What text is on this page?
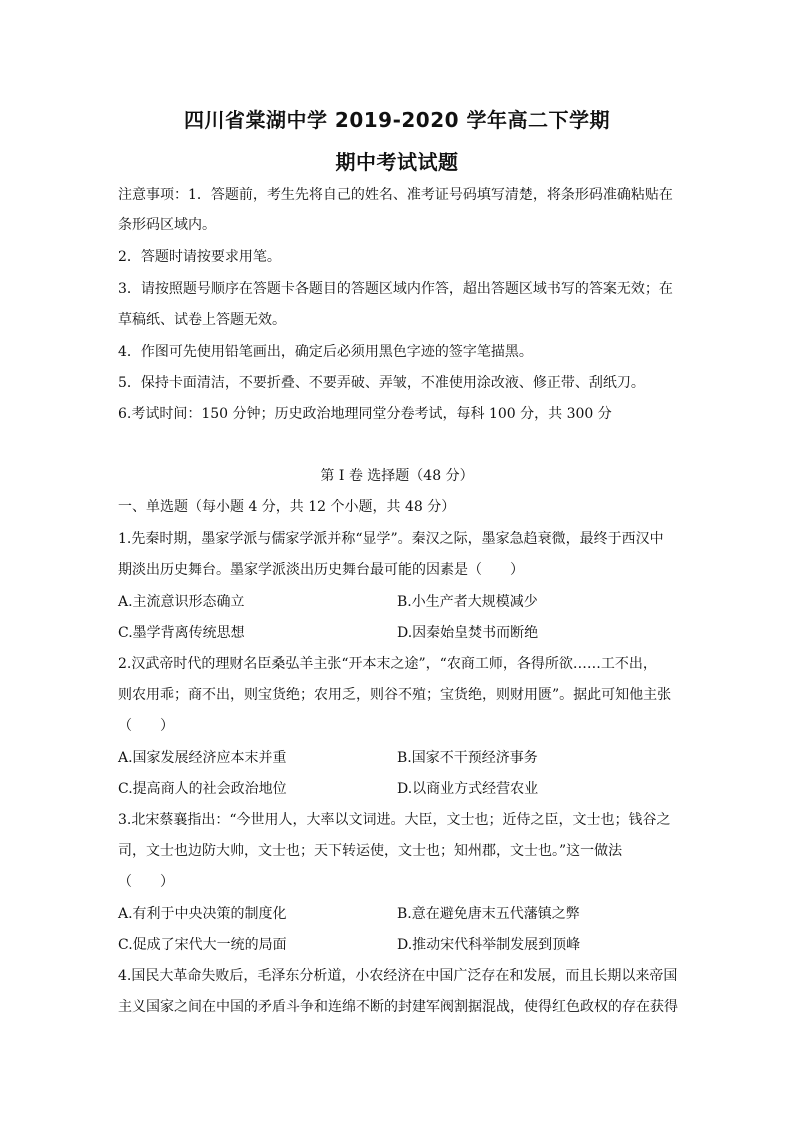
四川省棠湖中学 2019-2020 学年高二下学期
期中考试试题
注意事项：1．答题前，考生先将自己的姓名、准考证号码填写清楚，将条形码准确粘贴在
条形码区域内。
2．答题时请按要求用笔。
3．请按照题号顺序在答题卡各题目的答题区域内作答，超出答题区域书写的答案无效；在
草稿纸、试卷上答题无效。
4．作图可先使用铅笔画出，确定后必须用黑色字迹的签字笔描黑。
5．保持卡面清洁，不要折叠、不要弄破、弄皱，不准使用涂改液、修正带、刮纸刀。
6.考试时间：150 分钟；历史政治地理同堂分卷考试，每科 100 分，共 300 分
第 I 卷 选择题（48 分）
一、单选题（每小题 4 分，共 12 个小题，共 48 分）
1.先秦时期，墨家学派与儒家学派并称“显学”。秦汉之际，墨家急趋衰微，最终于西汉中
期淡出历史舞台。墨家学派淡出历史舞台最可能的因素是（　　）
A.主流意识形态确立	B.小生产者大规模减少
C.墨学背离传统思想	D.因秦始皇焚书而断绝
2.汉武帝时代的理财名臣桑弘羊主张“开本末之途”，“农商工师，各得所欲……工不出，
则农用乖；商不出，则宝货绝；农用乏，则谷不殖；宝货绝，则财用匮”。据此可知他主张
（　　）
A.国家发展经济应本末并重	B.国家不干预经济事务
C.提高商人的社会政治地位	D.以商业方式经营农业
3.北宋蔡襄指出：“今世用人，大率以文词进。大臣，文士也；近侍之臣，文士也；钱谷之
司，文士也边防大帅，文士也；天下转运使，文士也；知州郡，文士也。”这一做法
（　　）
A.有利于中央决策的制度化	B.意在避免唐末五代藩镇之弊
C.促成了宋代大一统的局面	D.推动宋代科举制发展到顶峰
4.国民大革命失败后，毛泽东分析道，小农经济在中国广泛存在和发展，而且长期以来帝国
主义国家之间在中国的矛盾斗争和连绵不断的封建军阀割据混战，使得红色政权的存在获得
